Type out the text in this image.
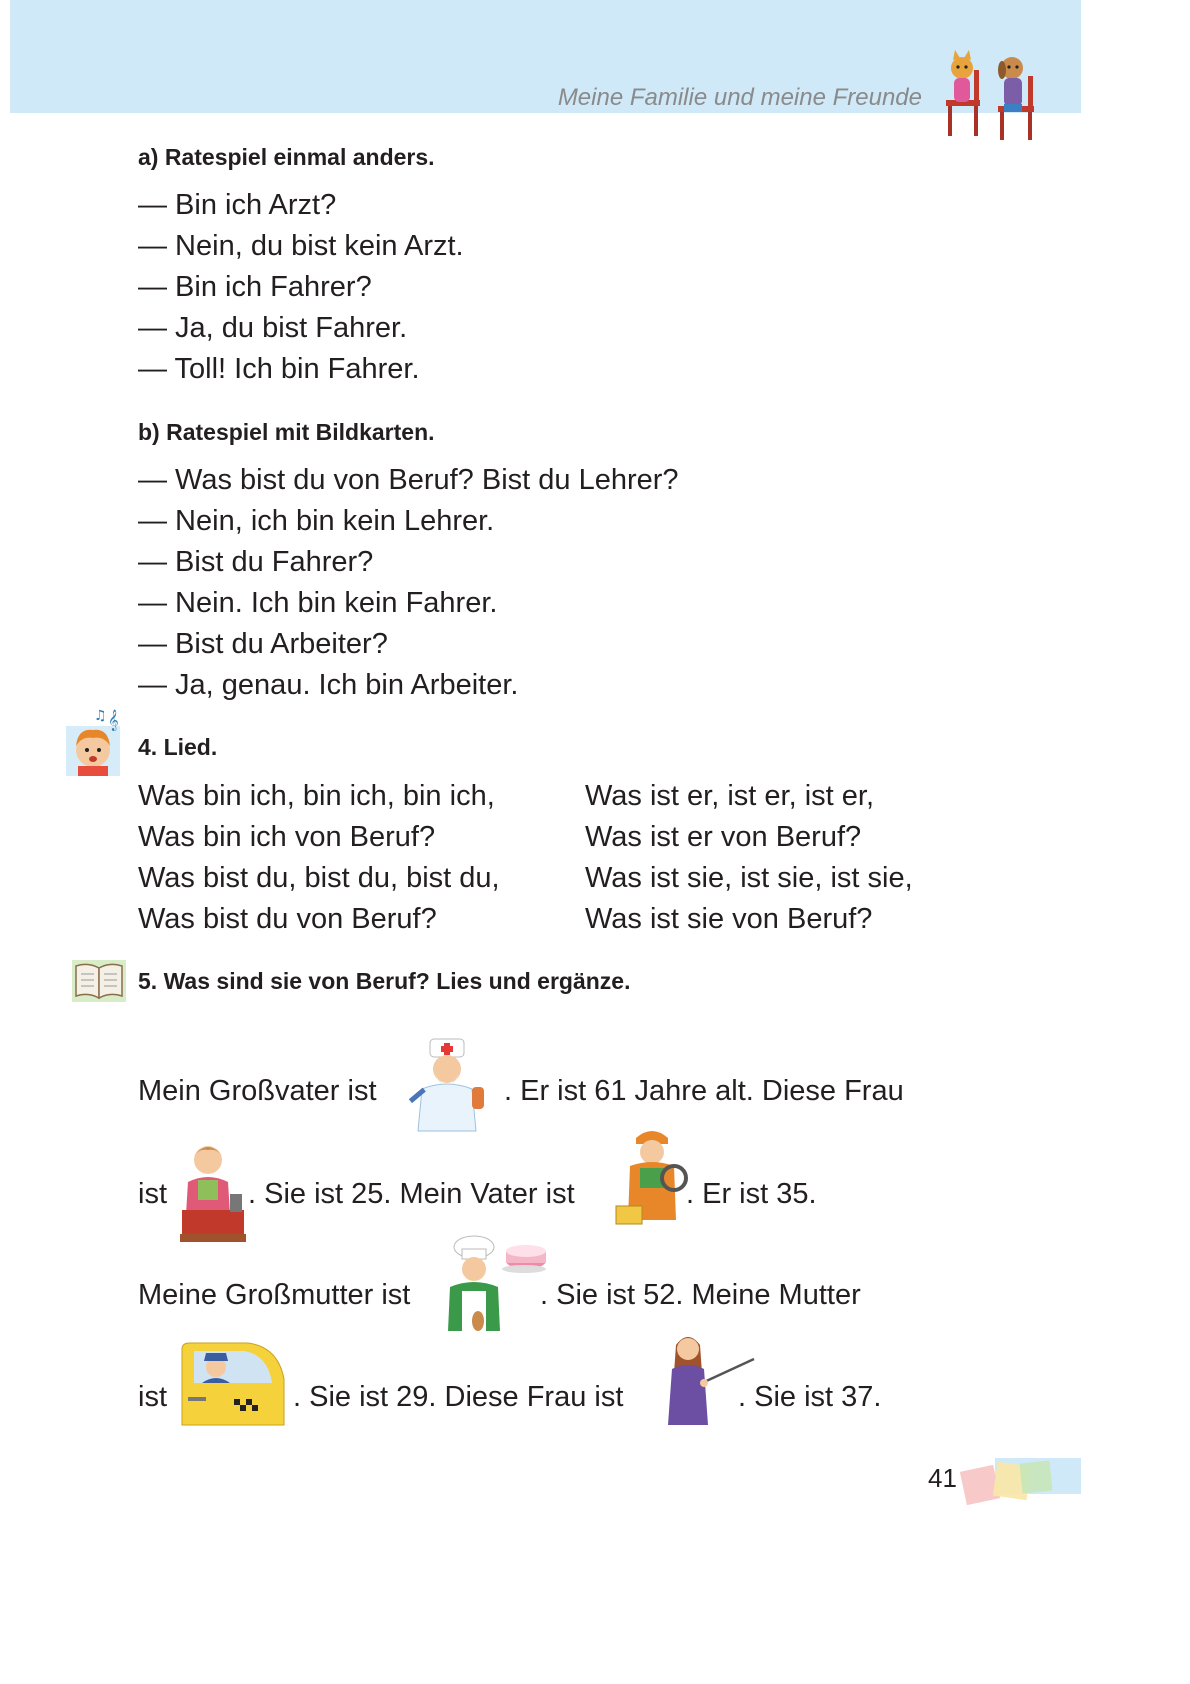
Meine Familie und meine Freunde
a) Ratespiel einmal anders.
— Bin ich Arzt?
— Nein, du bist kein Arzt.
— Bin ich Fahrer?
— Ja, du bist Fahrer.
— Toll! Ich bin Fahrer.
b) Ratespiel mit Bildkarten.
— Was bist du von Beruf? Bist du Lehrer?
— Nein, ich bin kein Lehrer.
— Bist du Fahrer?
— Nein. Ich bin kein Fahrer.
— Bist du Arbeiter?
— Ja, genau. Ich bin Arbeiter.
♫ 𝄞
4. Lied.
Was bin ich, bin ich, bin ich,
Was bin ich von Beruf?
Was bist du, bist du, bist du,
Was bist du von Beruf?
Was ist er, ist er, ist er,
Was ist er von Beruf?
Was ist sie, ist sie, ist sie,
Was ist sie von Beruf?
5. Was sind sie von Beruf? Lies und ergänze.
Mein Großvater ist	. Er ist 61 Jahre alt. Diese Frau
ist	. Sie ist 25. Mein Vater ist	. Er ist 35.
Meine Großmutter ist	. Sie ist 52. Meine Mutter
ist	. Sie ist 29. Diese Frau ist	. Sie ist 37.
41
